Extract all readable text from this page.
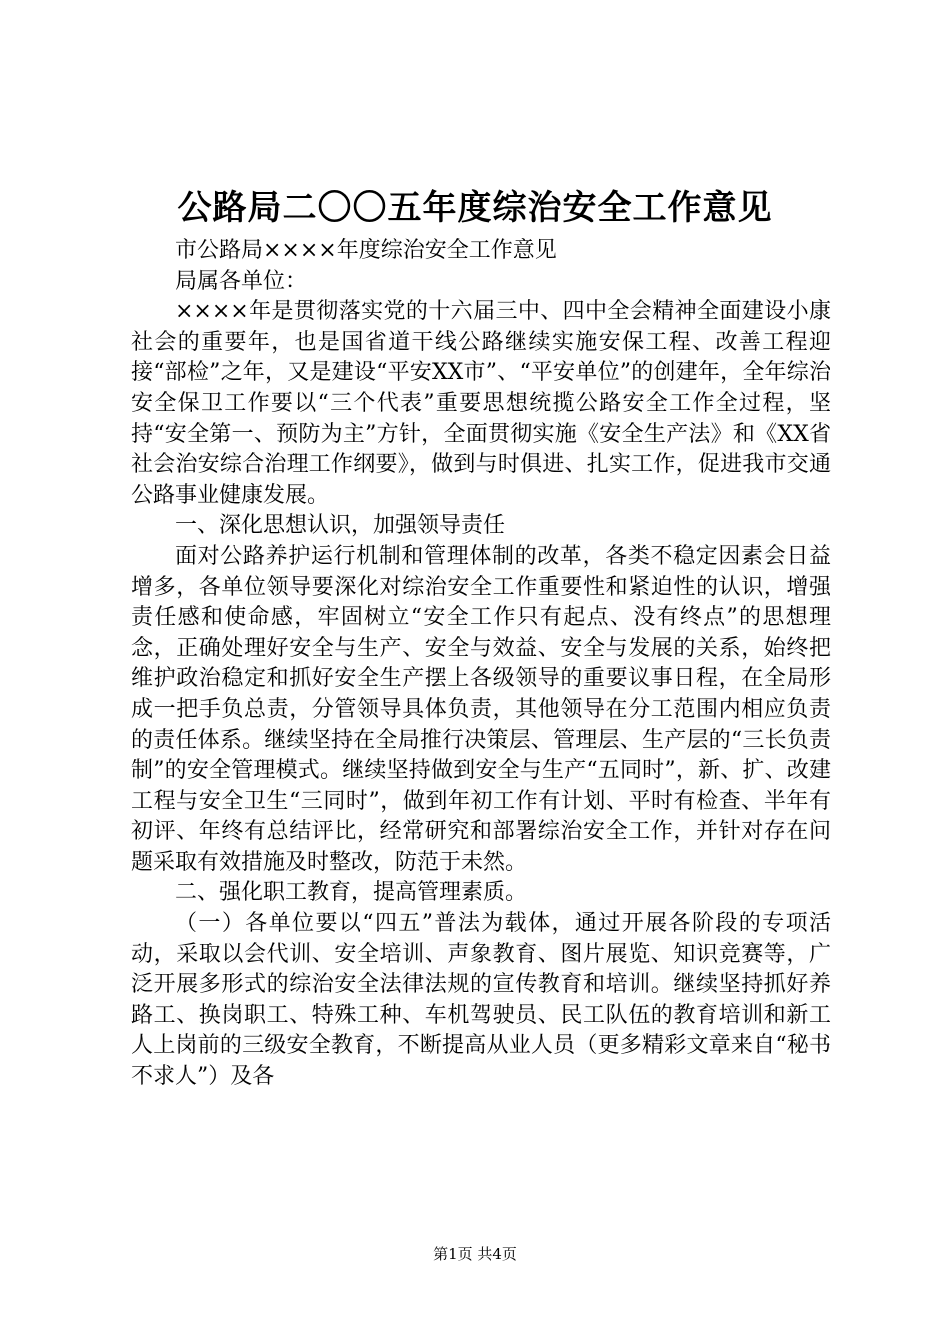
公路局二〇〇五年度综治安全工作意见

市公路局××××年度综治安全工作意见

局属各单位：

××××年是贯彻落实党的十六届三中、四中全会精神全面建设小康社会的重要年，也是国省道干线公路继续实施安保工程、改善工程迎接“部检”之年，又是建设“平安XX市”、“平安单位”的创建年，全年综治安全保卫工作要以“三个代表”重要思想统揽公路安全工作全过程，坚持“安全第一、预防为主”方针，全面贯彻实施《安全生产法》和《XX省社会治安综合治理工作纲要》，做到与时俱进、扎实工作，促进我市交通公路事业健康发展。

一、深化思想认识，加强领导责任

面对公路养护运行机制和管理体制的改革，各类不稳定因素会日益增多，各单位领导要深化对综治安全工作重要性和紧迫性的认识，增强责任感和使命感，牢固树立“安全工作只有起点、没有终点”的思想理念，正确处理好安全与生产、安全与效益、安全与发展的关系，始终把维护政治稳定和抓好安全生产摆上各级领导的重要议事日程，在全局形成一把手负总责，分管领导具体负责，其他领导在分工范围内相应负责的责任体系。继续坚持在全局推行决策层、管理层、生产层的“三长负责制”的安全管理模式。继续坚持做到安全与生产“五同时”，新、扩、改建工程与安全卫生“三同时”，做到年初工作有计划、平时有检查、半年有初评、年终有总结评比，经常研究和部署综治安全工作，并针对存在问题采取有效措施及时整改，防范于未然。

二、强化职工教育，提高管理素质。

（一）各单位要以“四五”普法为载体，通过开展各阶段的专项活动，采取以会代训、安全培训、声象教育、图片展览、知识竞赛等，广泛开展多形式的综治安全法律法规的宣传教育和培训。继续坚持抓好养路工、换岗职工、特殊工种、车机驾驶员、民工队伍的教育培训和新工人上岗前的三级安全教育，不断提高从业人员（更多精彩文章来自“秘书不求人”）及各

第1页 共4页
